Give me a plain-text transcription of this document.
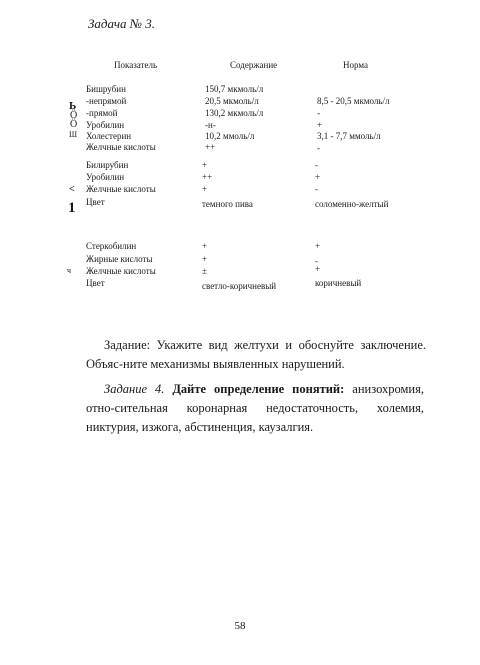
Задача № 3.
Показатель	Содержание	Норма
Ь
Ö
Ö
Ш
Бишрубин	150,7 мкмоль/л
-непрямой	20,5 мкмоль/л	8,5 - 20,5 мкмоль/л
-прямой	130,2 мкмоль/л	-
Уробилин	-н-	+
Холестерин	10,2 ммоль/л	3,1 - 7,7 ммоль/л
Желчные кислоты	++	-
<
1
Билирубин	+	-
Уробилин	++	+
Желчные кислоты	+	-
Цвет	темного пива	соломенно-желтый
ч
Стеркобилин	+	+
Жирные кислоты	+	-
Желчные кислоты	±	+
Цвет	светло-коричневый	коричневый
Задание: Укажите вид желтухи и обоснуйте заключение. Объяс-ните механизмы выявленных нарушений.
Задание 4. Дайте определение понятий: анизохромия, отно-сительная коронарная недостаточность, холемия, никтурия, изжога, абстиненция, каузалгия.
58
